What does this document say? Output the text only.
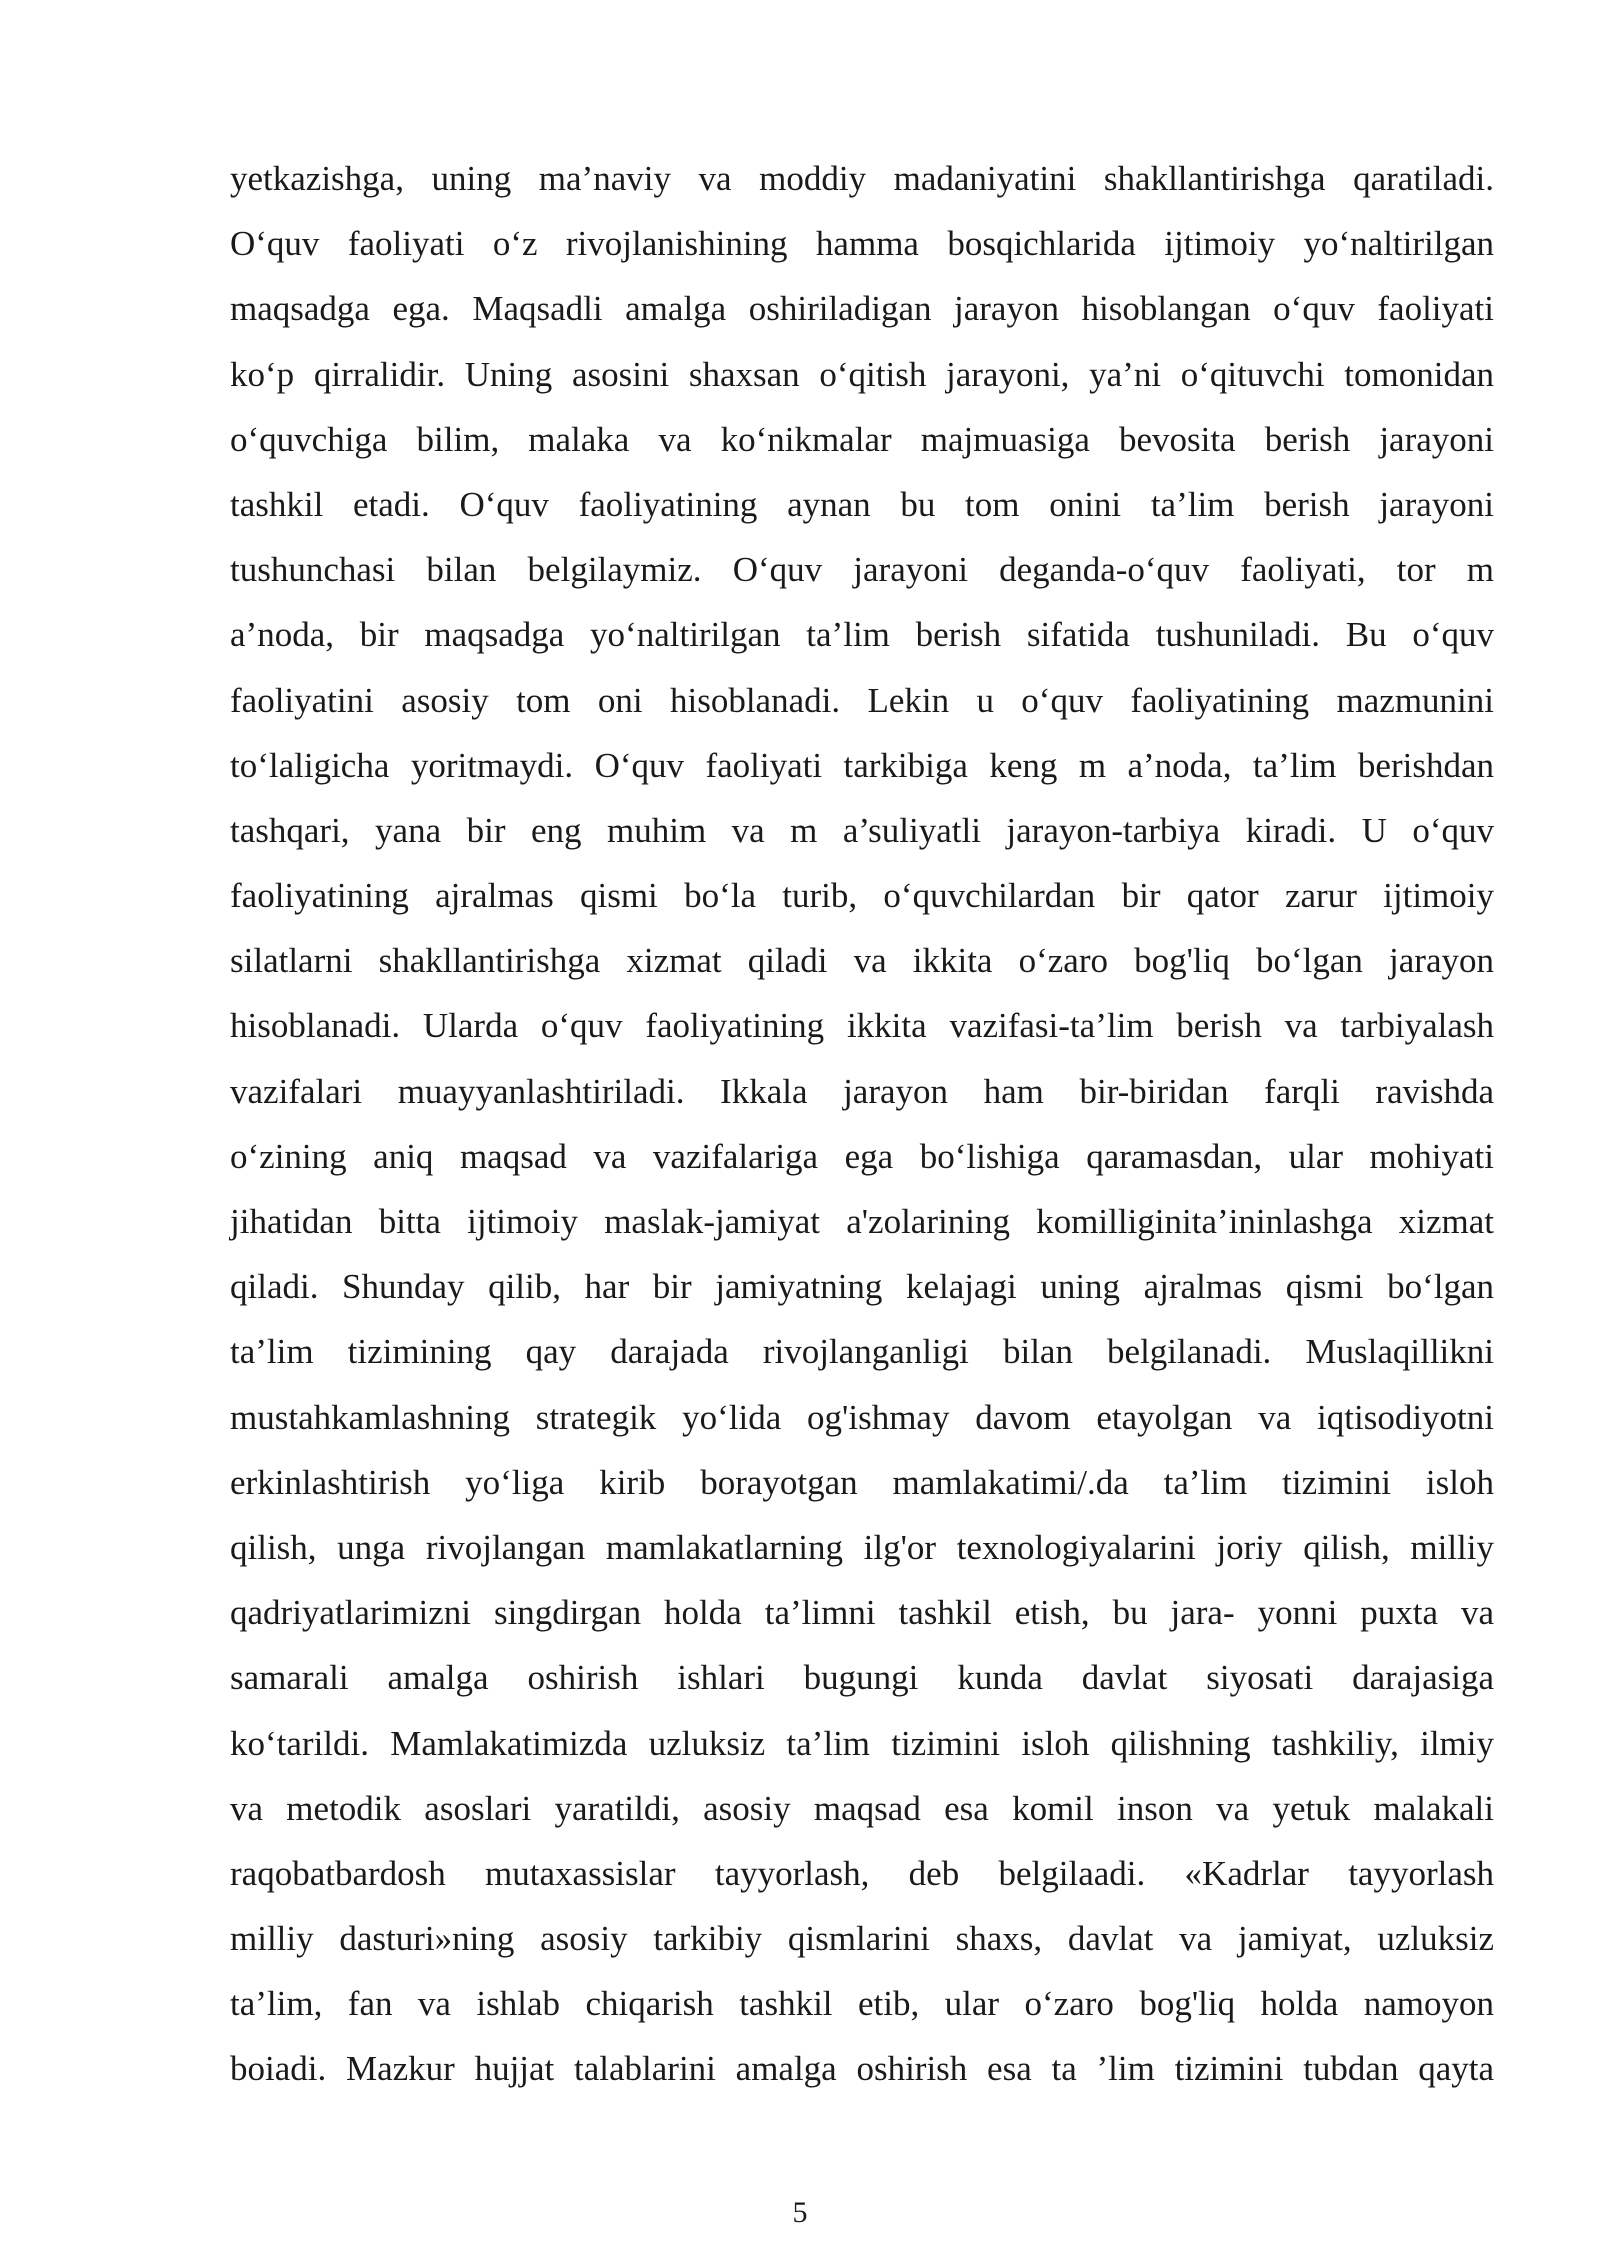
yetkazishga, uning ma’naviy va moddiy madaniyatini shakllantirishga qaratiladi.
O‘quv faoliyati o‘z rivojlanishining hamma bosqichlarida ijtimoiy yo‘naltirilgan
maqsadga ega. Maqsadli amalga oshiriladigan jarayon hisoblangan o‘quv faoliyati
ko‘p qirralidir. Uning asosini shaxsan o‘qitish jarayoni, ya’ni o‘qituvchi tomonidan
o‘quvchiga bilim, malaka va ko‘nikmalar majmuasiga bevosita berish jarayoni
tashkil etadi. O‘quv faoliyatining aynan bu tom onini ta’lim berish jarayoni
tushunchasi bilan belgilaymiz. O‘quv jarayoni deganda-o‘quv faoliyati, tor m
a’noda, bir maqsadga yo‘naltirilgan ta’lim berish sifatida tushuniladi. Bu o‘quv
faoliyatini asosiy tom oni hisoblanadi. Lekin u o‘quv faoliyatining mazmunini
to‘laligicha yoritmaydi. O‘quv faoliyati tarkibiga keng m a’noda, ta’lim berishdan
tashqari, yana bir eng muhim va m a’suliyatli jarayon-tarbiya kiradi. U o‘quv
faoliyatining ajralmas qismi bo‘la turib, o‘quvchilardan bir qator zarur ijtimoiy
silatlarni shakllantirishga xizmat qiladi va ikkita o‘zaro bog'liq bo‘lgan jarayon
hisoblanadi. Ularda o‘quv faoliyatining ikkita vazifasi-ta’lim berish va tarbiyalash
vazifalari muayyanlashtiriladi. Ikkala jarayon ham bir-biridan farqli ravishda
o‘zining aniq maqsad va vazifalariga ega bo‘lishiga qaramasdan, ular mohiyati
jihatidan bitta ijtimoiy maslak-jamiyat a'zolarining komilliginita’ininlashga xizmat
qiladi. Shunday qilib, har bir jamiyatning kelajagi uning ajralmas qismi bo‘lgan
ta’lim tizimining qay darajada rivojlanganligi bilan belgilanadi. Muslaqillikni
mustahkamlashning strategik yo‘lida og'ishmay davom etayolgan va iqtisodiyotni
erkinlashtirish yo‘liga kirib borayotgan mamlakatimi/.da ta’lim tizimini isloh
qilish, unga rivojlangan mamlakatlarning ilg'or texnologiyalarini joriy qilish, milliy
qadriyatlarimizni singdirgan holda ta’limni tashkil etish, bu jara- yonni puxta va
samarali amalga oshirish ishlari bugungi kunda davlat siyosati darajasiga
ko‘tarildi. Mamlakatimizda uzluksiz ta’lim tizimini isloh qilishning tashkiliy, ilmiy
va metodik asoslari yaratildi, asosiy maqsad esa komil inson va yetuk malakali
raqobatbardosh mutaxassislar tayyorlash, deb belgilaadi. «Kadrlar tayyorlash
milliy dasturi»ning asosiy tarkibiy qismlarini shaxs, davlat va jamiyat, uzluksiz
ta’lim, fan va ishlab chiqarish tashkil etib, ular o‘zaro bog'liq holda namoyon
boiadi. Mazkur hujjat talablarini amalga oshirish esa ta ’lim tizimini tubdan qayta
5
